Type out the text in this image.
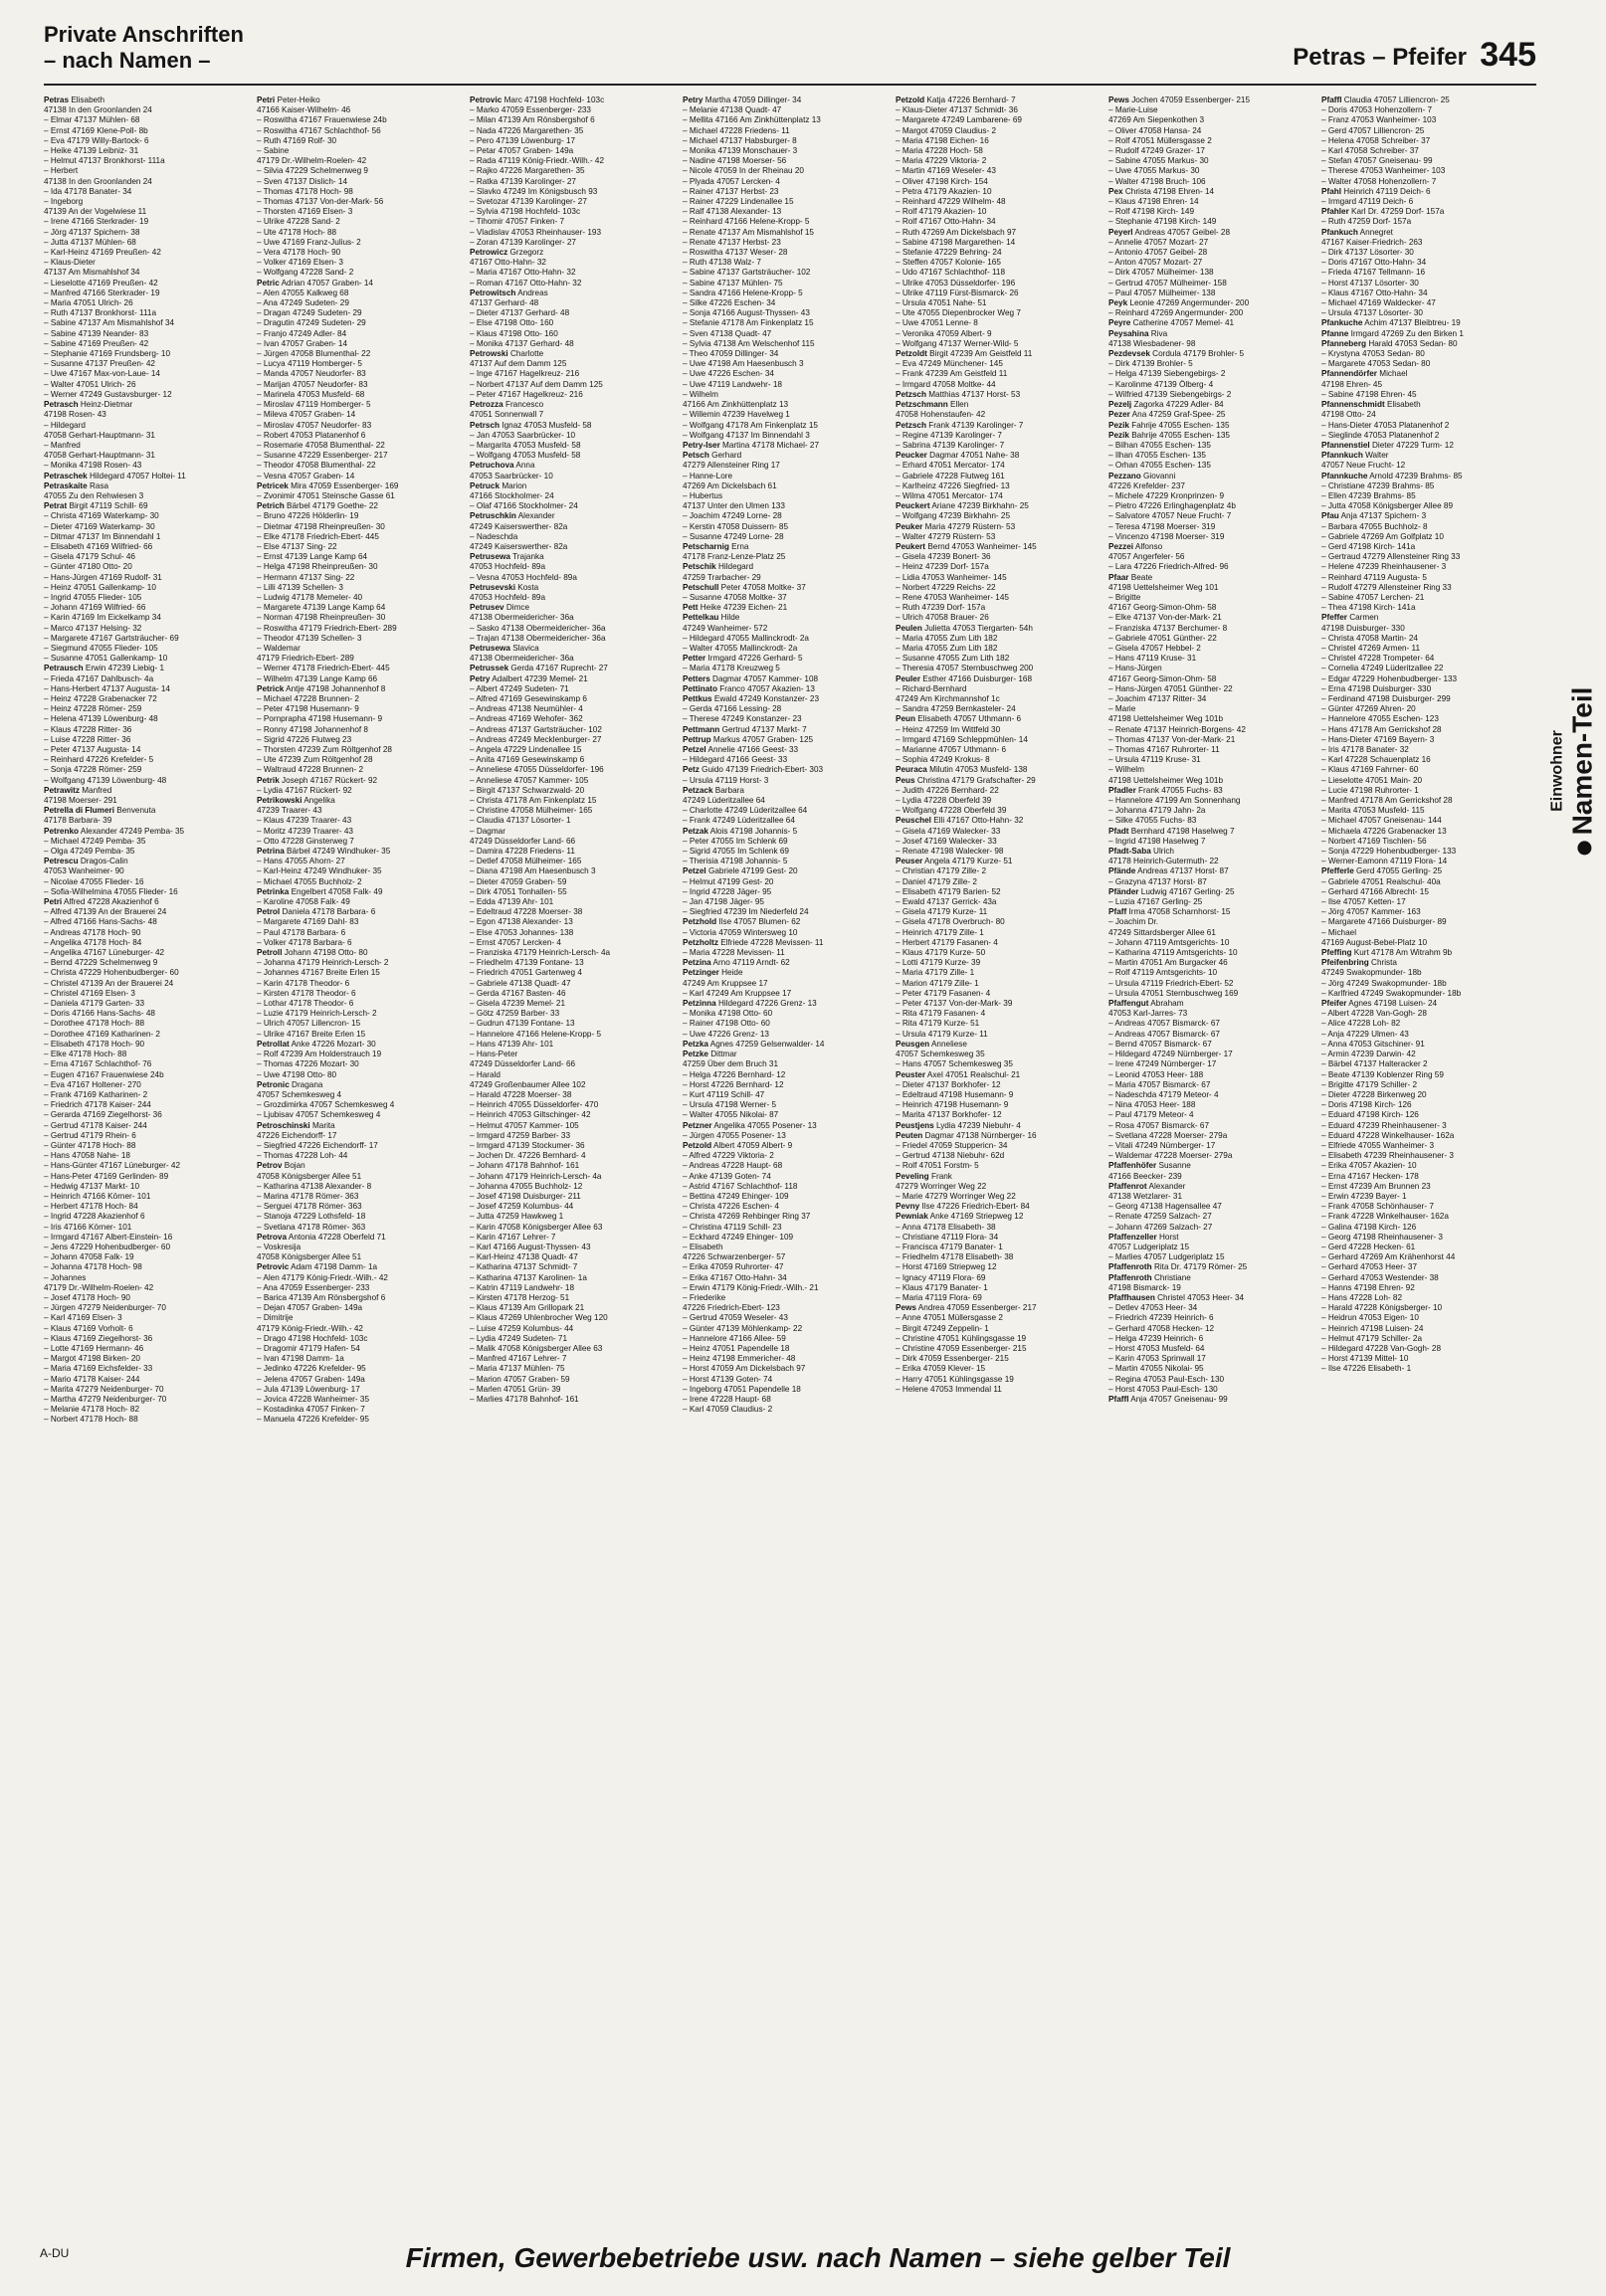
Private Anschriften
– nach Namen –	Petras – Pfeifer 345
Petras Elisabeth
47138 In den Groonlanden 24
– Elmar 47137 Mühlen- 68
– Ernst 47169 Klene-Poll- 8b
– Eva 47179 Willy-Bartock- 6
– Heike 47139 Leibniz- 31
– Helmut 47137 Bronkhorst- 111a
– Herbert
47138 In den Groonlanden 24
– Ida 47178 Banater- 34
– Ingeborg
47139 An der Vogelwiese 11
– Irene 47166 Sterkrader- 19
– Jörg 47137 Spichern- 38
– Jutta 47137 Mühlen- 68
– Karl-Heinz 47169 Preußen- 42
– Klaus-Dieter
47137 Am Mismahlshof 34
– Lieselotte 47169 Preußen- 42
– Manfred 47166 Sterkrader- 19
– Maria 47051 Ulrich- 26
– Ruth 47137 Bronkhorst- 111a
– Sabine 47137 Am Mismahlshof 34
– Sabine 47139 Neander- 83
– Sabine 47169 Preußen- 42
– Stephanie 47169 Frundsberg- 10
– Susanne 47137 Preußen- 42
– Uwe 47167 Max-von-Laue- 14
– Walter 47051 Ulrich- 26
– Werner 47249 Gustavsburger- 12
Petrasch Heinz-Dietmar
47198 Rosen- 43
– Hildegard
47058 Gerhart-Hauptmann- 31
– Manfred
47058 Gerhart-Hauptmann- 31
– Monika 47198 Rosen- 43
Petraschek Hildegard 47057 Holtei- 11
Petraskaite Rasa
47055 Zu den Rehwiesen 3
Petrat Birgit 47119 Schill- 69
– Christa 47169 Waterkamp- 30
– Dieter 47169 Waterkamp- 30
– Ditmar 47137 Im Binnendahl 1
– Elisabeth 47169 Wilfried- 66
– Gisela 47179 Schul- 46
– Günter 47180 Otto- 20
– Hans-Jürgen 47169 Rudolf- 31
– Heinz 47051 Gallenkamp- 10
– Ingrid 47055 Flieder- 105
– Johann 47169 Wilfried- 66
– Karin 47169 Im Eickelkamp 34
– Marco 47137 Helsing- 32
– Margarete 47167 Gartsträucher- 69
– Siegmund 47055 Flieder- 105
– Susanne 47051 Gallenkamp- 10
Petrausch Erwin 47239 Liebig- 1
– Frieda 47167 Dahlbusch- 4a
– Hans-Herbert 47137 Augusta- 14
– Heinz 47228 Grabenacker 72
– Heinz 47228 Römer- 259
– Helena 47139 Löwenburg- 48
– Klaus 47228 Ritter- 36
– Luise 47228 Ritter- 36
– Peter 47137 Augusta- 14
– Reinhard 47226 Krefelder- 5
– Sonja 47228 Römer- 259
– Wolfgang 47139 Löwenburg- 48
Petrawitz Manfred
47198 Moerser- 291
Petrella di Flumeri Benvenuta
47178 Barbara- 39
Petrenko Alexander 47249 Pemba- 35
– Michael 47249 Pemba- 35
– Olga 47249 Pemba- 35
Petrescu Dragos-Calin
47053 Wanheimer- 90
– Nicolae 47055 Flieder- 16
– Sofia-Wilhelmina 47055 Flieder- 16
Petri Alfred 47228 Akazienhof 6
– Alfred 47139 An der Brauerei 24
– Alfred 47166 Hans-Sachs- 48
– Andreas 47178 Hoch- 90
– Angelika 47178 Hoch- 84
– Angelika 47167 Lüneburger- 42
– Bernd 47229 Schelmenweg 9
– Christa 47229 Hohenbudberger- 60
– Christel 47139 An der Brauerei 24
– Christel 47169 Elsen- 3
– Daniela 47179 Garten- 33
– Doris 47166 Hans-Sachs- 48
– Dorothee 47178 Hoch- 88
– Dorothee 47169 Katharinen- 2
– Elisabeth 47178 Hoch- 90
– Elke 47178 Hoch- 88
– Erna 47167 Schlachthof- 76
– Eugen 47167 Frauenwiese 24b
– Eva 47167 Holtener- 270
– Frank 47169 Katharinen- 2
– Friedrich 47178 Kaiser- 244
– Gerarda 47169 Ziegelhorst- 36
– Gertrud 47178 Kaiser- 244
– Gertrud 47179 Rhein- 6
– Günter 47178 Hoch- 88
– Hans 47058 Nahe- 18
– Hans-Günter 47167 Lüneburger- 42
– Hans-Peter 47169 Gerlinden- 89
– Hedwig 47137 Markt- 10
– Heinrich 47166 Körner- 101
– Herbert 47178 Hoch- 84
– Ingrid 47228 Akazienhof 6
– Iris 47166 Körner- 101
– Irmgard 47167 Albert-Einstein- 16
– Jens 47229 Hohenbudberger- 60
– Johann 47058 Falk- 19
– Johanna 47178 Hoch- 98
– Johannes
47179 Dr.-Wilhelm-Roelen- 42
– Josef 47178 Hoch- 90
– Jürgen 47279 Neidenburger- 70
– Karl 47169 Elsen- 3
– Klaus 47169 Vorholt- 6
– Klaus 47169 Ziegelhorst- 36
– Lotte 47169 Hermann- 46
– Margot 47198 Birken- 20
– Maria 47169 Eichsfelder- 33
– Mario 47178 Kaiser- 244
– Marita 47279 Neidenburger- 70
– Martha 47279 Neidenburger- 70
– Melanie 47178 Hoch- 82
– Norbert 47178 Hoch- 88
Petri Peter-Heiko
47166 Kaiser-Wilhelm- 46
– Roswitha 47167 Frauenwiese 24b
– Roswitha 47167 Schlachthof- 56
– Ruth 47169 Rolf- 30
– Sabine
47179 Dr.-Wilhelm-Roelen- 42
– Silvia 47229 Schelmenweg 9
– Sven 47137 Dislich- 14
– Thomas 47178 Hoch- 98
– Thomas 47137 Von-der-Mark- 56
– Thorsten 47169 Elsen- 3
– Ulrike 47228 Sand- 2
– Ute 47178 Hoch- 88
– Uwe 47169 Franz-Julius- 2
– Vera 47178 Hoch- 90
– Volker 47169 Elsen- 3
– Wolfgang 47228 Sand- 2
Petric Adrian 47057 Graben- 14
– Alen 47055 Kalkweg 68
– Ana 47249 Sudeten- 29
– Dragan 47249 Sudeten- 29
– Dragutin 47249 Sudeten- 29
– Franjo 47249 Adler- 84
– Ivan 47057 Graben- 14
– Jürgen 47058 Blumenthal- 22
– Lucya 47119 Homberger- 5
– Manda 47057 Neudorfer- 83
– Marijan 47057 Neudorfer- 83
– Marinela 47053 Musfeld- 68
– Miroslav 47119 Homberger- 5
– Mileva 47057 Graben- 14
– Miroslav 47057 Neudorfer- 83
– Robert 47053 Platanenhof 6
– Rosemarie 47058 Blumenthal- 22
– Susanne 47229 Essenberger- 217
– Theodor 47058 Blumenthal- 22
– Vesna 47057 Graben- 14
Petricek Mira 47059 Essenberger- 169
– Zvonimir 47051 Steinsche Gasse 61
Petrich Bärbel 47179 Goethe- 22
– Bruno 47226 Hölderlin- 19
– Dietmar 47198 Rheinpreußen- 30
– Elke 47178 Friedrich-Ebert- 445
– Else 47137 Sing- 22
– Ernst 47139 Lange Kamp 64
– Helga 47198 Rheinpreußen- 30
– Hermann 47137 Sing- 22
– Lilli 47139 Schellen- 3
– Ludwig 47178 Memeler- 40
– Margarete 47139 Lange Kamp 64
– Norman 47198 Rheinpreußen- 30
– Roswitha 47179 Friedrich-Ebert- 289
– Theodor 47139 Schellen- 3
– Waldemar
47179 Friedrich-Ebert- 289
– Werner 47178 Friedrich-Ebert- 445
– Wilhelm 47139 Lange Kamp 66
Petrick Antje 47198 Johannenhof 8
– Michael 47228 Brunnen- 2
– Peter 47198 Husemann- 9
– Pornpraphа 47198 Husemann- 9
– Ronny 47198 Johannenhof 8
– Sigrid 47226 Flutweg 23
– Thorsten 47239 Zum Röltgenhof 28
– Ute 47239 Zum Röltgenhof 28
– Waltraud 47228 Brunnen- 2
Petrik Joseph 47167 Rückert- 92
– Lydia 47167 Rückert- 92
Petrikowski Angelika
47239 Traarer- 43
– Klaus 47239 Traarer- 43
– Moritz 47239 Traarer- 43
– Otto 47228 Ginsterweg 7
Petrina Bärbel 47249 Windhuker- 35
– Hans 47055 Ahorn- 27
– Karl-Heinz 47249 Windhuker- 35
– Michael 47055 Buchholz- 2
Petrinka Engelbert 47058 Falk- 49
– Karoline 47058 Falk- 49
Petrol Daniela 47178 Barbara- 6
– Margarete 47169 Dahl- 83
– Paul 47178 Barbara- 6
– Volker 47178 Barbara- 6
Petroll Johann 47198 Otto- 80
– Johanna 47179 Heinrich-Lersch- 2
– Johannes 47167 Breite Erlen 15
– Karin 47178 Theodor- 6
– Kirsten 47178 Theodor- 6
– Lothar 47178 Theodor- 6
– Luzie 47179 Heinrich-Lersch- 2
– Ulrich 47057 Lillencron- 15
– Ulrike 47167 Breite Erlen 15
Petrollat Anke 47226 Mozart- 30
– Rolf 47239 Am Holderstrauch 19
– Thomas 47226 Mozart- 30
– Uwe 47198 Otto- 80
Petronic Dragana
47057 Schemkesweg 4
– Grozdimirka 47057 Schemkesweg 4
– Ljubisav 47057 Schemkesweg 4
Petroschinski Marita
47226 Eichendorff- 17
– Siegfried 47226 Eichendorff- 17
– Thomas 47228 Loh- 44
Petrov Bojan
47058 Königsberger Allee 51
– Katharina 47138 Alexander- 8
– Marina 47178 Römer- 363
– Serguei 47178 Römer- 363
– Stanoja 47229 Lothsfeld- 18
– Svetlana 47178 Römer- 363
Petrova Antonia 47228 Oberfeld 71
– Voskresija
47058 Königsberger Allee 51
Petrovic Adam 47198 Damm- 1a
– Alen 47179 König-Friedr.-Wilh.- 42
– Ana 47059 Essenberger- 233
– Barica 47139 Am Rönsbergshof 6
– Dejan 47057 Graben- 149a
– Dimitrije
47179 König-Friedr.-Wilh.- 42
– Drago 47198 Hochfeld- 103c
– Dragomir 47179 Hafen- 54
– Ivan 47198 Damm- 1a
– Jedinko 47226 Krefelder- 95
– Jelena 47057 Graben- 149a
– Jula 47139 Löwenburg- 17
– Jovica 47228 Wanheimer- 35
– Kostadinka 47057 Finken- 7
– Manuela 47226 Krefelder- 95
Petrovic Marc 47198 Hochfeld- 103c
– Marko 47059 Essenberger- 233
– Milan 47139 Am Rönsbergshof 6
– Nada 47226 Margarethen- 35
– Pero 47139 Löwenburg- 17
– Petar 47057 Graben- 149a
– Rada 47119 König-Friedr.-Wilh.- 42
– Rajko 47226 Margarethen- 35
– Ratka 47139 Karolinger- 27
– Slavko 47249 Im Königsbusch 93
– Svetozar 47139 Karolinger- 27
– Sylvia 47198 Hochfeld- 103c
– Tihomir 47057 Finken- 7
– Vladislav 47053 Rheinhauser- 193
– Zoran 47139 Karolinger- 27
Petrowicz Grzegorz
47167 Otto-Hahn- 32
– Maria 47167 Otto-Hahn- 32
– Roman 47167 Otto-Hahn- 32
Petrowitsch Andreas
47137 Gerhard- 48
– Dieter 47137 Gerhard- 48
– Else 47198 Otto- 160
– Klaus 47198 Otto- 160
– Monika 47137 Gerhard- 48
Petrowski Charlotte
47137 Auf dem Damm 125
– Inge 47167 Hagelkreuz- 216
– Norbert 47137 Auf dem Damm 125
– Peter 47167 Hagelkreuz- 216
Petrozza Francesco
47051 Sonnenwall 7
Petrsch Ignaz 47053 Musfeld- 58
– Jan 47053 Saarbrücker- 10
– Margarita 47053 Musfeld- 58
– Wolfgang 47053 Musfeld- 58
Petruchova Anna
47053 Saarbrücker- 10
Petruck Marion
47166 Stockholmer- 24
– Olaf 47166 Stockholmer- 24
Petruschkin Alexander
47249 Kaiserswerther- 82a
– Nadeschda
47249 Kaiserswerther- 82a
Petrusewa Trajanka
47053 Hochfeld- 89a
– Vesna 47053 Hochfeld- 89a
Petrusevski Kosta
47053 Hochfeld- 89a
Petrusev Dimce
47138 Obermeidericher- 36a
– Sasko 47138 Obermeidericher- 36a
– Trajan 47138 Obermeidericher- 36a
Petrusewa Slavica
47138 Obermeidericher- 36a
Petrussek Gerda 47167 Ruprecht- 27
Petry Adalbert 47239 Memel- 21
– Albert 47249 Sudeten- 71
– Alfred 47169 Gesewinskamp 6
– Andreas 47138 Neumühler- 4
– Andreas 47169 Wehofer- 362
– Andreas 47137 Gartsträucher- 102
– Andreas 47249 Mecklenburger- 27
– Angela 47229 Lindenallee 15
– Anita 47169 Gesewinskamp 6
– Anneliese 47055 Düsseldorfer- 196
– Anneliese 47057 Kammer- 105
– Birgit 47137 Schwarzwald- 20
– Christa 47178 Am Finkenplatz 15
– Christine 47058 Mülheimer- 165
– Claudia 47137 Lösorter- 1
– Dagmar
47249 Düsseldorfer Land- 66
– Damira 47228 Friedens- 11
– Detlef 47058 Mülheimer- 165
– Diana 47198 Am Haesenbusch 3
– Dieter 47059 Graben- 59
– Dirk 47051 Tonhallen- 55
– Edda 47139 Ahr- 101
– Edeltraud 47228 Moerser- 38
– Egon 47138 Alexander- 13
– Else 47053 Johannes- 138
– Ernst 47057 Lercken- 4
– Franziska 47179 Heinrich-Lersch- 4a
– Friedhelm 47139 Fontane- 13
– Friedrich 47051 Gartenweg 4
– Gabriele 47138 Quadt- 47
– Gerda 47167 Basten- 46
– Gisela 47239 Memel- 21
– Götz 47259 Barber- 33
– Gudrun 47139 Fontane- 13
– Hannelore 47166 Helene-Kropp- 5
– Hans 47139 Ahr- 101
– Hans-Peter
47249 Düsseldorfer Land- 66
– Harald
47249 Großenbaumer Allee 102
– Harald 47228 Moerser- 38
– Heinrich 47055 Düsseldorfer- 470
– Heinrich 47053 Giltschinger- 42
– Helmut 47057 Kammer- 105
– Irmgard 47259 Barber- 33
– Irmgard 47139 Stockumer- 36
– Jochen Dr. 47226 Bernhard- 4
– Johann 47178 Bahnhof- 161
– Johann 47179 Heinrich-Lersch- 4a
– Johanna 47055 Buchholz- 12
– Josef 47198 Duisburger- 211
– Josef 47259 Kolumbus- 44
– Jutta 47259 Hawkweg 1
– Karin 47058 Königsberger Allee 63
– Karin 47167 Lehrer- 7
– Karl 47166 August-Thyssen- 43
– Karl-Heinz 47138 Quadt- 47
– Katharina 47137 Schmidt- 7
– Katharina 47137 Karolinen- 1a
– Katrin 47119 Landwehr- 18
– Kirsten 47178 Herzog- 51
– Klaus 47139 Am Grillopark 21
– Klaus 47269 Uhlenbrocher Weg 120
– Luise 47259 Kolumbus- 44
– Lydia 47249 Sudeten- 71
– Malik 47058 Königsberger Allee 63
– Manfred 47167 Lehrer- 7
– Maria 47137 Mühlen- 75
– Marion 47057 Graben- 59
– Marlen 47051 Grün- 39
– Marlies 47178 Bahnhof- 161
Petry Martha 47059 Dillinger- 34
– Melanie 47138 Quadt- 47
– Mellita 47166 Am Zinkhüttenplatz 13
– Michael 47228 Friedens- 11
– Michael 47137 Habsburger- 8
– Monika 47139 Monschauer- 3
– Nadine 47198 Moerser- 56
– Nicole 47059 In der Rheinau 20
– Plyada 47057 Lercken- 4
– Rainer 47137 Herbst- 23
– Rainer 47229 Lindenallee 15
– Ralf 47138 Alexander- 13
– Reinhard 47166 Helene-Kropp- 5
– Renate 47137 Am Mismahlshof 15
– Renate 47137 Herbst- 23
– Roswitha 47137 Weser- 28
– Ruth 47138 Walz- 7
– Sabine 47137 Gartsträucher- 102
– Sabine 47137 Mühlen- 75
– Sandra 47166 Helene-Kropp- 5
– Silke 47226 Eschen- 34
– Sonja 47166 August-Thyssen- 43
– Stefanie 47178 Am Finkenplatz 15
– Sven 47138 Quadt- 47
– Sylvia 47138 Am Welschenhof 115
– Theo 47059 Dillinger- 34
– Uwe 47198 Am Haesenbusch 3
– Uwe 47226 Eschen- 34
– Uwe 47119 Landwehr- 18
– Wilhelm
47166 Am Zinkhüttenplatz 13
– Willemin 47239 Havelweg 1
– Wolfgang 47178 Am Finkenplatz 15
– Wolfgang 47137 Im Binnendahl 3
Petry-Iser Martina 47178 Michael- 27
Petsch Gerhard
47279 Allensteiner Ring 17
– Hanne-Lore
47269 Am Dickelsbach 61
– Hubertus
47137 Unter den Ulmen 133
– Joachim 47249 Lorne- 28
– Kerstin 47058 Duissern- 85
– Susanne 47249 Lorne- 28
Petscharnig Erna
47178 Franz-Lenze-Platz 25
Petschik Hildegard
47259 Trarbacher- 29
Petschull Peter 47058 Moltke- 37
– Susanne 47058 Moltke- 37
Pett Heike 47239 Eichen- 21
Pettelkau Hilde
47249 Wanheimer- 572
– Hildegard 47055 Mallinckrodt- 2a
– Walter 47055 Mallinckrodt- 2a
Petter Irmgard 47226 Gerhard- 5
– Maria 47178 Kreuzweg 5
Petters Dagmar 47057 Kammer- 108
Pettinato Franco 47057 Akazien- 13
Pettkus Ewald 47249 Konstanzer- 23
– Gerda 47166 Lessing- 28
– Therese 47249 Konstanzer- 23
Pettmann Gertrud 47137 Markt- 7
Pettrup Markus 47057 Graben- 125
Petzel Annelie 47166 Geest- 33
– Hildegard 47166 Geest- 33
Petz Guido 47139 Friedrich-Ebert- 303
– Ursula 47119 Horst- 3
Petzack Barbara
47249 Lüderitzallee 64
– Charlotte 47249 Lüderitzallee 64
– Frank 47249 Lüderitzallee 64
Petzak Alois 47198 Johannis- 5
– Peter 47055 Im Schlenk 69
– Sigrid 47055 Im Schlenk 69
– Therisia 47198 Johannis- 5
Petzel Gabriele 47199 Gest- 20
– Helmut 47199 Gest- 20
– Ingrid 47228 Jäger- 95
– Jan 47198 Jäger- 95
– Siegfried 47239 Im Niederfeld 24
Petzhold Ilse 47057 Blumen- 62
– Victoria 47059 Wintersweg 10
Petzholtz Elfriede 47228 Mevissen- 11
– Maria 47228 Mevissen- 11
Petzina Arno 47119 Arndt- 62
Petzinger Heide
47249 Am Kruppsee 17
– Karl 47249 Am Kruppsee 17
Petzinna Hildegard 47226 Grenz- 13
– Monika 47198 Otto- 60
– Rainer 47198 Otto- 60
– Uwe 47226 Grenz- 13
Petzka Agnes 47259 Gelsenwalder- 14
Petzke Dittmar
47259 Über dem Bruch 31
– Helga 47226 Bernhard- 12
– Horst 47226 Bernhard- 12
– Kurt 47119 Schill- 47
– Ursula 47198 Werner- 5
– Walter 47055 Nikolai- 87
Petzner Angelika 47055 Posener- 13
– Jürgen 47055 Posener- 13
Petzold Albert 47059 Albert- 9
– Alfred 47229 Viktoria- 2
– Andreas 47228 Haupt- 68
– Anke 47139 Goten- 74
– Astrid 47167 Schlachthof- 118
– Bettina 47249 Ehinger- 109
– Christa 47226 Eschen- 4
– Christa 47269 Rehbinger Ring 37
– Christina 47119 Schill- 23
– Eckhard 47249 Ehinger- 109
– Elisabeth
47226 Schwarzenberger- 57
– Erika 47059 Ruhrorter- 47
– Erika 47167 Otto-Hahn- 34
– Erwin 47179 König-Friedr.-Wilh.- 21
– Friederike
47226 Friedrich-Ebert- 123
– Gertrud 47059 Weseler- 43
– Günter 47139 Möhlenkamp- 22
– Hannelore 47166 Allee- 59
– Heinz 47051 Papendelle 18
– Heinz 47198 Emmericher- 48
– Horst 47059 Am Dickelsbach 97
– Horst 47139 Goten- 74
– Ingeborg 47051 Papendelle 18
– Irene 47228 Haupt- 68
– Karl 47059 Claudius- 2
Petzold Katja 47226 Bernhard- 7
– Klaus-Dieter 47137 Schmidt- 36
– Margarete 47249 Lambarene- 69
– Margot 47059 Claudius- 2
– Maria 47198 Eichen- 16
– Maria 47228 Hoch- 58
– Maria 47229 Viktoria- 2
– Martin 47169 Weseler- 43
– Oliver 47198 Kirch- 154
– Petra 47179 Akazien- 10
– Reinhard 47229 Wilhelm- 48
– Rolf 47179 Akazien- 10
– Rolf 47167 Otto-Hahn- 34
– Ruth 47269 Am Dickelsbach 97
– Sabine 47198 Margarethen- 14
– Stefanie 47229 Behring- 24
– Steffen 47057 Koloniе- 165
– Udo 47167 Schlachthof- 118
– Ulrike 47053 Düsseldorfer- 196
– Ulrike 47119 Fürst-Bismarck- 26
– Ursula 47051 Nahe- 51
– Ute 47055 Diepenbrocker Weg 7
– Uwe 47051 Lenne- 8
– Veronika 47059 Albert- 9
– Wolfgang 47137 Werner-Wild- 5
Petzoldt Birgit 47239 Am Geistfeld 11
– Eva 47249 Münchener- 145
– Frank 47239 Am Geistfeld 11
– Irmgard 47058 Moltke- 44
Petzsch Matthias 47137 Horst- 53
Petzschmann Ellen
47058 Hohenstaufen- 42
Petzsch Frank 47139 Karolinger- 7
– Regine 47139 Karolinger- 7
– Sabrina 47139 Karolinger- 7
Peucker Dagmar 47051 Nahe- 38
– Erhard 47051 Mercator- 174
– Gabriele 47228 Flutweg 161
– Karlheinz 47226 Siegfried- 13
– Wilma 47051 Mercator- 174
Peuckert Ariane 47239 Birkhahn- 25
– Wolfgang 47239 Birkhahn- 25
Peuker Maria 47279 Rüstern- 53
– Walter 47279 Rüstern- 53
Peukert Bernd 47053 Wanheimer- 145
– Gisela 47239 Bonert- 36
– Heinz 47239 Dorf- 157a
– Lidia 47053 Wanheimer- 145
– Norbert 47229 Reichs- 22
– Rene 47053 Wanheimer- 145
– Ruth 47239 Dorf- 157a
– Ulrich 47058 Brauer- 26
Peulen Julietta 47053 Tiergarten- 54h
– Maria 47055 Zum Lith 182
– Maria 47055 Zum Lith 182
– Susanne 47055 Zum Lith 182
– Theresia 47057 Sternbuschweg 200
Peuler Esther 47166 Duisburger- 168
– Richard-Bernhard
47249 Am Kirchmannshof 1c
– Sandra 47259 Bernkasteler- 24
Peun Elisabeth 47057 Uthmann- 6
– Heinz 47259 Im Wittfeld 30
– Irmgard 47169 Schleppmühlen- 14
– Marianne 47057 Uthmann- 6
– Sophia 47249 Krokus- 8
Peuraca Milutin 47053 Musfeld- 138
Peus Christina 47179 Grafschafter- 29
– Judith 47226 Bernhard- 22
– Lydia 47228 Oberfeld 39
– Wolfgang 47228 Oberfeld 39
Peuschel Elli 47167 Otto-Hahn- 32
– Gisela 47169 Walecker- 33
– Josef 47169 Walecker- 33
– Renate 47198 Walecker- 98
Peuser Angela 47179 Kurze- 51
– Christian 47179 Zille- 2
– Daniel 47179 Zille- 2
– Elisabeth 47179 Barien- 52
– Ewald 47137 Gerrick- 43a
– Gisela 47179 Kurze- 11
– Gisela 47178 Overbruch- 80
– Heinrich 47179 Zille- 1
– Herbert 47179 Fasanen- 4
– Klaus 47179 Kurze- 50
– Lotti 47179 Kurze- 39
– Maria 47179 Zille- 1
– Marion 47179 Zille- 1
– Peter 47179 Fasanen- 4
– Peter 47137 Von-der-Mark- 39
– Rita 47179 Fasanen- 4
– Rita 47179 Kurze- 51
– Ursula 47179 Kurze- 11
Peusgen Anneliese
47057 Schemkesweg 35
– Hans 47057 Schemkesweg 35
Peuster Axel 47051 Realschul- 21
– Dieter 47137 Borkhofer- 12
– Edeltraud 47198 Husemann- 9
– Heinrich 47198 Husemann- 9
– Marita 47137 Borkhofer- 12
Peustjens Lydia 47239 Niebuhr- 4
Peuten Dagmar 47138 Nürnberger- 16
– Friedel 47059 Stuppericn- 34
– Gertrud 47138 Niebuhr- 62d
– Rolf 47051 Forstm- 5
Peveling Frank
47279 Worringer Weg 22
– Marie 47279 Worringer Weg 22
Pevny Ilse 47226 Friedrich-Ebert- 84
Pewniak Anke 47169 Striepweg 12
– Anna 47178 Elisabeth- 38
– Christiane 47119 Flora- 34
– Francisca 47179 Banater- 1
– Friedhelm 47178 Elisabeth- 38
– Horst 47169 Striepweg 12
– Ignacy 47119 Flora- 69
– Klaus 47179 Banater- 1
– Maria 47119 Flora- 69
Pews Andrea 47059 Essenberger- 217
– Anne 47051 Müllersgasse 2
– Birgit 47249 Zeppelin- 1
– Christine 47051 Kühlingsgasse 19
– Christine 47059 Essenberger- 215
– Dirk 47059 Essenberger- 215
– Erika 47059 Klever- 15
– Harry 47051 Kühlingsgasse 19
– Helene 47053 Immendal 11
Pews Jochen 47059 Essenberger- 215
– Marie-Luise
47269 Am Siepenkothen 3
– Oliver 47058 Hansa- 24
– Rolf 47051 Müllersgasse 2
– Rudolf 47249 Grazer- 17
– Sabine 47055 Markus- 30
– Uwe 47055 Markus- 30
– Walter 47198 Bruch- 106
Pex Christa 47198 Ehren- 14
– Klaus 47198 Ehren- 14
– Rolf 47198 Kirch- 149
– Stephanie 47198 Kirch- 149
Peyerl Andreas 47057 Geibel- 28
– Annelie 47057 Mozart- 27
– Antonio 47057 Geibel- 28
– Anton 47057 Mozart- 27
– Dirk 47057 Mülheimer- 138
– Gertrud 47057 Mülheimer- 158
– Paul 47057 Mülheimer- 138
Peyk Leonie 47269 Angermunder- 200
– Reinhard 47269 Angermunder- 200
Peyre Catherine 47057 Memel- 41
Peysahina Riva
47138 Wiesbadener- 98
Pezdevsek Cordula 47179 Brohler- 5
– Dirk 47139 Brohler- 5
– Helga 47139 Siebengebirgs- 2
– Karolinme 47139 Ölberg- 4
– Wilfried 47139 Siebengebirgs- 2
Pezelj Zagorka 47229 Adler- 84
Pezer Ana 47259 Graf-Spee- 25
Pezik Fahrije 47055 Eschen- 135
Pezik Bahrije 47055 Eschen- 135
– Bilhan 47055 Eschen- 135
– Ilhan 47055 Eschen- 135
– Orhan 47055 Eschen- 135
Pezzano Giovanni
47226 Krefelder- 237
– Michele 47229 Kronprinzen- 9
– Pietro 47226 Erlinghagenplatz 4b
– Salvatore 47057 Neue Frucht- 7
– Teresa 47198 Moerser- 319
– Vincenzo 47198 Moerser- 319
Pezzei Alfonso
47057 Angerfeler- 56
– Lara 47226 Friedrich-Alfred- 96
Pfaar Beate
47198 Uettelsheimer Weg 101
– Brigitte
47167 Georg-Simon-Ohm- 58
– Elke 47137 Von-der-Mark- 21
– Franziska 47137 Berchumer- 8
– Gabriele 47051 Günther- 22
– Gisela 47057 Hebbel- 2
– Hans 47119 Kruse- 31
– Hans-Jürgen
47167 Georg-Simon-Ohm- 58
– Hans-Jürgen 47051 Günther- 22
– Joachim 47137 Ritter- 34
– Marie
47198 Uettelsheimer Weg 101b
– Renate 47137 Heinrich-Borgens- 42
– Thomas 47137 Von-der-Mark- 21
– Thomas 47167 Ruhrorter- 11
– Ursula 47119 Kruse- 31
– Wilhelm
47198 Uettelsheimer Weg 101b
Pfadler Frank 47055 Fuchs- 83
– Hannelore 47199 Am Sonnenhang
– Johanna 47179 Jahn- 2a
– Silke 47055 Fuchs- 83
Pfadt Bernhard 47198 Haselweg 7
– Ingrid 47198 Haselweg 7
Pfadt-Saba Ulrich
47178 Heinrich-Gutermuth- 22
Pfände Andreas 47137 Horst- 87
– Grazyna 47137 Horst- 87
Pfänder Ludwig 47167 Gerling- 25
– Luzia 47167 Gerling- 25
Pfaff Irma 47058 Scharnhorst- 15
– Joachim Dr.
47249 Sittardsberger Allee 61
– Johann 47119 Amtsgerichts- 10
– Katharina 47119 Amtsgerichts- 10
– Martin 47051 Am Burgacker 46
– Rolf 47119 Amtsgerichts- 10
– Ursula 47119 Friedrich-Ebert- 52
– Ursula 47051 Sternbuschweg 169
Pfaffengut Abraham
47053 Karl-Jarres- 73
– Andreas 47057 Bismarck- 67
– Andreas 47057 Bismarck- 67
– Bernd 47057 Bismarck- 67
– Hildegard 47249 Nürnberger- 17
– Irene 47249 Nürnberger- 17
– Leonid 47053 Heer- 188
– Maria 47057 Bismarck- 67
– Nadeschda 47179 Meteor- 4
– Nina 47053 Heer- 188
– Paul 47179 Meteor- 4
– Rosa 47057 Bismarck- 67
– Svetlana 47228 Moerser- 279a
– Vitali 47249 Nürnberger- 17
– Waldemar 47228 Moerser- 279a
Pfaffenhöfer Susanne
47166 Beecker- 239
Pfaffenrot Alexander
47138 Wetzlarer- 31
– Georg 47138 Hagensallee 47
– Renate 47259 Salzach- 27
– Johann 47269 Salzach- 27
Pfaffenzeller Horst
47057 Ludgeriplatz 15
– Marlies 47057 Ludgeriplatz 15
Pfaffenroth Rita Dr. 47179 Römer- 25
Pfaffenroth Christiane
47198 Bismarck- 19
Pfaffhausen Christel 47053 Heer- 34
– Detlev 47053 Heer- 34
– Friedrich 47239 Heinrich- 6
– Gerhard 47058 Hecken- 12
– Helga 47239 Heinrich- 6
– Horst 47053 Musfeld- 64
– Karin 47053 Sprinwall 17
– Martin 47055 Nikolai- 95
– Regina 47053 Paul-Esch- 130
– Horst 47053 Paul-Esch- 130
Pfaffl Anja 47057 Gneisenau- 99
Pfaffl Claudia 47057 Lilliencron- 25
– Doris 47053 Hohenzollern- 7
– Franz 47053 Wanheimer- 103
– Gerd 47057 Lilliencron- 25
– Helena 47058 Schreiber- 37
– Karl 47058 Schreiber- 37
– Stefan 47057 Gneisenau- 99
– Therese 47053 Wanheimer- 103
– Walter 47058 Hohenzollern- 7
Pfahl Heinrich 47119 Deich- 6
– Irmgard 47119 Deich- 6
Pfahler Karl Dr. 47259 Dorf- 157a
– Ruth 47259 Dorf- 157a
Pfankuch Annegret
47167 Kaiser-Friedrich- 263
– Dirk 47137 Lösorter- 30
– Doris 47167 Otto-Hahn- 34
– Frieda 47167 Tellmann- 16
– Horst 47137 Lösorter- 30
– Klaus 47167 Otto-Hahn- 34
– Michael 47169 Waldecker- 47
– Ursula 47137 Lösorter- 30
Pfankuche Achim 47137 Bleibtreu- 19
Pfanne Irmgard 47269 Zu den Birken 1
Pfanneberg Harald 47053 Sedan- 80
– Krystyna 47053 Sedan- 80
– Margarete 47053 Sedan- 80
Pfannendörfer Michael
47198 Ehren- 45
– Sabine 47198 Ehren- 45
Pfannenschmidt Elisabeth
47198 Otto- 24
– Hans-Dieter 47053 Platanenhof 2
– Sieglinde 47053 Platanenhof 2
Pfannenstiel Dieter 47229 Turm- 12
Pfannkuch Walter
47057 Neue Frucht- 12
Pfannkuche Arnold 47239 Brahms- 85
– Christiane 47239 Brahms- 85
– Ellen 47239 Brahms- 85
– Jutta 47058 Königsberger Allee 89
Pfau Anja 47137 Spichern- 3
– Barbara 47055 Buchholz- 8
– Gabriele 47269 Am Golfplatz 10
– Gerd 47198 Kirch- 141a
– Gertraud 47279 Allensteiner Ring 33
– Helene 47239 Rheinhausener- 3
– Reinhard 47119 Augusta- 5
– Rudolf 47279 Allensteiner Ring 33
– Sabine 47057 Lerchen- 21
– Thea 47198 Kirch- 141a
Pfeffer Carmen
47198 Duisburger- 330
– Christa 47058 Martin- 24
– Christel 47269 Armen- 11
– Christel 47228 Trompeter- 64
– Cornelia 47249 Lüderitzallee 22
– Edgar 47229 Hohenbudberger- 133
– Erna 47198 Duisburger- 330
– Ferdinand 47198 Duisburger- 299
– Günter 47269 Ahren- 20
– Hannelore 47055 Eschen- 123
– Hans 47178 Am Gerrickshof 28
– Hans-Dieter 47169 Bayern- 3
– Iris 47178 Banater- 32
– Karl 47228 Schauenplatz 16
– Klaus 47169 Fahrner- 60
– Lieselotte 47051 Main- 20
– Lucie 47198 Ruhrorter- 1
– Manfred 47178 Am Gerrickshof 28
– Marita 47053 Musfeld- 115
– Michael 47057 Gneisenau- 144
– Michaela 47226 Grabenacker 13
– Norbert 47169 Tischlen- 56
– Sonja 47229 Hohenbudberger- 133
– Werner-Eamonn 47119 Flora- 14
Pfefferle Gerd 47055 Gerling- 25
– Gabriele 47051 Realschul- 40a
– Gerhard 47166 Albrecht- 15
– Ilse 47057 Ketten- 17
– Jörg 47057 Kammer- 163
– Margarete 47166 Duisburger- 89
– Michael
47169 August-Bebel-Platz 10
Pfeffing Kurt 47178 Am Witrahm 9b
Pfeifenbring Christa
47249 Swakopmunder- 18b
– Jörg 47249 Swakopmunder- 18b
– Karlfried 47249 Swakopmunder- 18b
Pfeifer Agnes 47198 Luisen- 24
– Albert 47228 Van-Gogh- 28
– Alice 47228 Loh- 82
– Anja 47229 Ulmen- 43
– Anna 47053 Gitschiner- 91
– Armin 47239 Darwin- 42
– Bärbel 47137 Halteracker 2
– Beate 47139 Koblenzer Ring 59
– Brigitte 47179 Schiller- 2
– Dieter 47228 Birkenweg 20
– Doris 47198 Kirch- 126
– Eduard 47198 Kirch- 126
– Eduard 47239 Rheinhausener- 3
– Eduard 47228 Winkelhauser- 162a
– Elfriede 47055 Wanheimer- 3
– Elisabeth 47239 Rheinhausener- 3
– Erika 47057 Akazien- 10
– Erna 47167 Hecken- 178
– Ernst 47239 Am Brunnen 23
– Erwin 47239 Bayer- 1
– Frank 47058 Schönhauser- 7
– Frank 47228 Winkelhauser- 162a
– Galina 47198 Kirch- 126
– Georg 47198 Rheinhausener- 3
– Gerd 47228 Hecken- 61
– Gerhard 47269 Am Krähenhorst 44
– Gerhard 47053 Heer- 37
– Gerhard 47053 Westender- 38
– Hanns 47198 Ehren- 92
– Hans 47228 Loh- 82
– Harald 47228 Königsberger- 10
– Heidrun 47053 Eigen- 10
– Heinrich 47198 Luisen- 24
– Helmut 47179 Schiller- 2a
– Hildegard 47228 Van-Gogh- 28
– Horst 47139 Mittel- 10
– Ilse 47226 Elisabeth- 1
Einwohner Namen-Teil
A-DU	Firmen, Gewerbebetriebe usw. nach Namen – siehe gelber Teil
